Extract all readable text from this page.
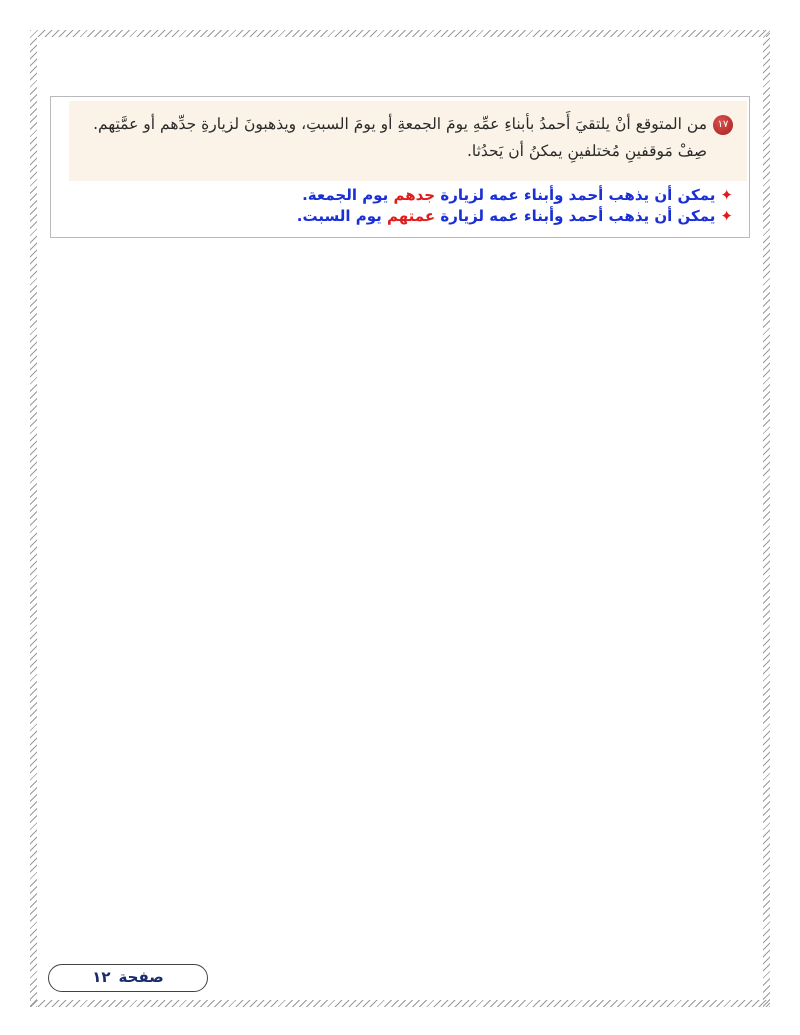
١٧من المتوقع أنْ يلتقيَ أَحمدُ بأبناءِ عمِّهِ يومَ الجمعةِ أو يومَ السبتِ، ويذهبونَ لزيارةِ جدِّهم أو عمَّتِهم.
صِفْ مَوقفينِ مُختلفينِ يمكنُ أن يَحدُثا.
✦يمكن أن يذهب أحمد وأبناء عمه لزيارة جدهم يوم الجمعة.
✦يمكن أن يذهب أحمد وأبناء عمه لزيارة عمتهم يوم السبت.
صفحة١٢
